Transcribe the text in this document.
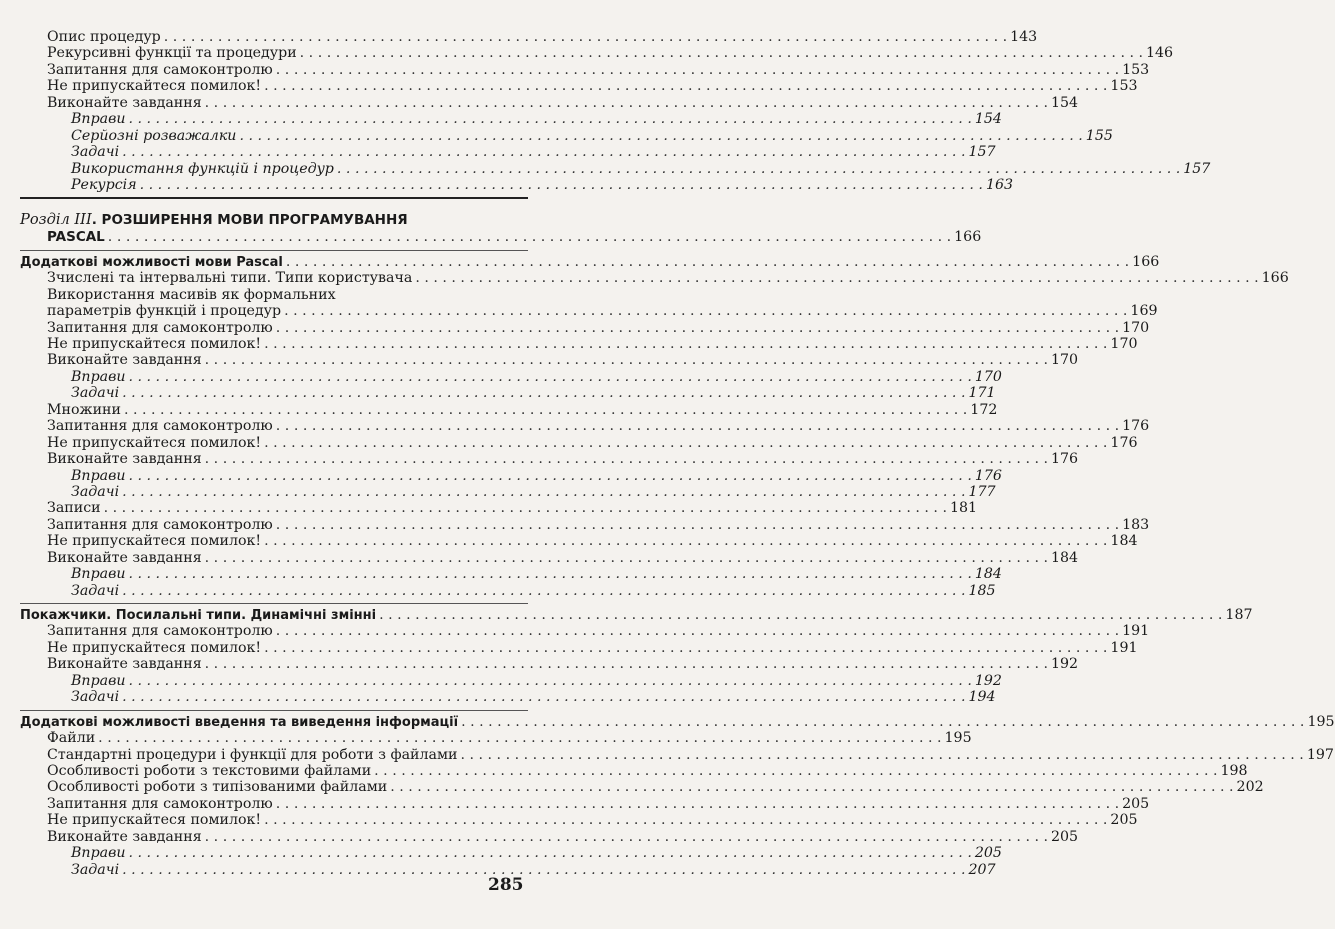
Опис процедур . . .	143
Рекурсивні функції та процедури . . .	146
Запитання для самоконтролю . . .	153
Не припускайтеся помилок! . . .	153
Виконайте завдання . . .	154
Вправи . . .	154
Серйозні розважалки . . .	155
Задачі . . .	157
Використання функцій і процедур . . .	157
Рекурсія . . .	163
Розділ III. РОЗШИРЕННЯ МОВИ ПРОГРАМУВАННЯ
PASCAL . . .	166
Додаткові можливості мови Pascal . . .	166
Зчислені та інтервальні типи. Типи користувача . . .	166
Використання масивів як формальних
параметрів функцій і процедур . . .	169
Запитання для самоконтролю . . .	170
Не припускайтеся помилок! . . .	170
Виконайте завдання . . .	170
Вправи . . .	170
Задачі . . .	171
Множини . . .	172
Запитання для самоконтролю . . .	176
Не припускайтеся помилок! . . .	176
Виконайте завдання . . .	176
Вправи . . .	176
Задачі . . .	177
Записи . . .	181
Запитання для самоконтролю . . .	183
Не припускайтеся помилок! . . .	184
Виконайте завдання . . .	184
Вправи . . .	184
Задачі . . .	185
Покажчики. Посилальні типи. Динамічні змінні . . .	187
Запитання для самоконтролю . . .	191
Не припускайтеся помилок! . . .	191
Виконайте завдання . . .	192
Вправи . . .	192
Задачі . . .	194
Додаткові можливості введення та виведення інформації . . .	195
Файли . . .	195
Стандартні процедури і функції для роботи з файлами . . .	197
Особливості роботи з текстовими файлами . . .	198
Особливості роботи з типізованими файлами . . .	202
Запитання для самоконтролю . . .	205
Не припускайтеся помилок! . . .	205
Виконайте завдання . . .	205
Вправи . . .	205
Задачі . . .	207
285
